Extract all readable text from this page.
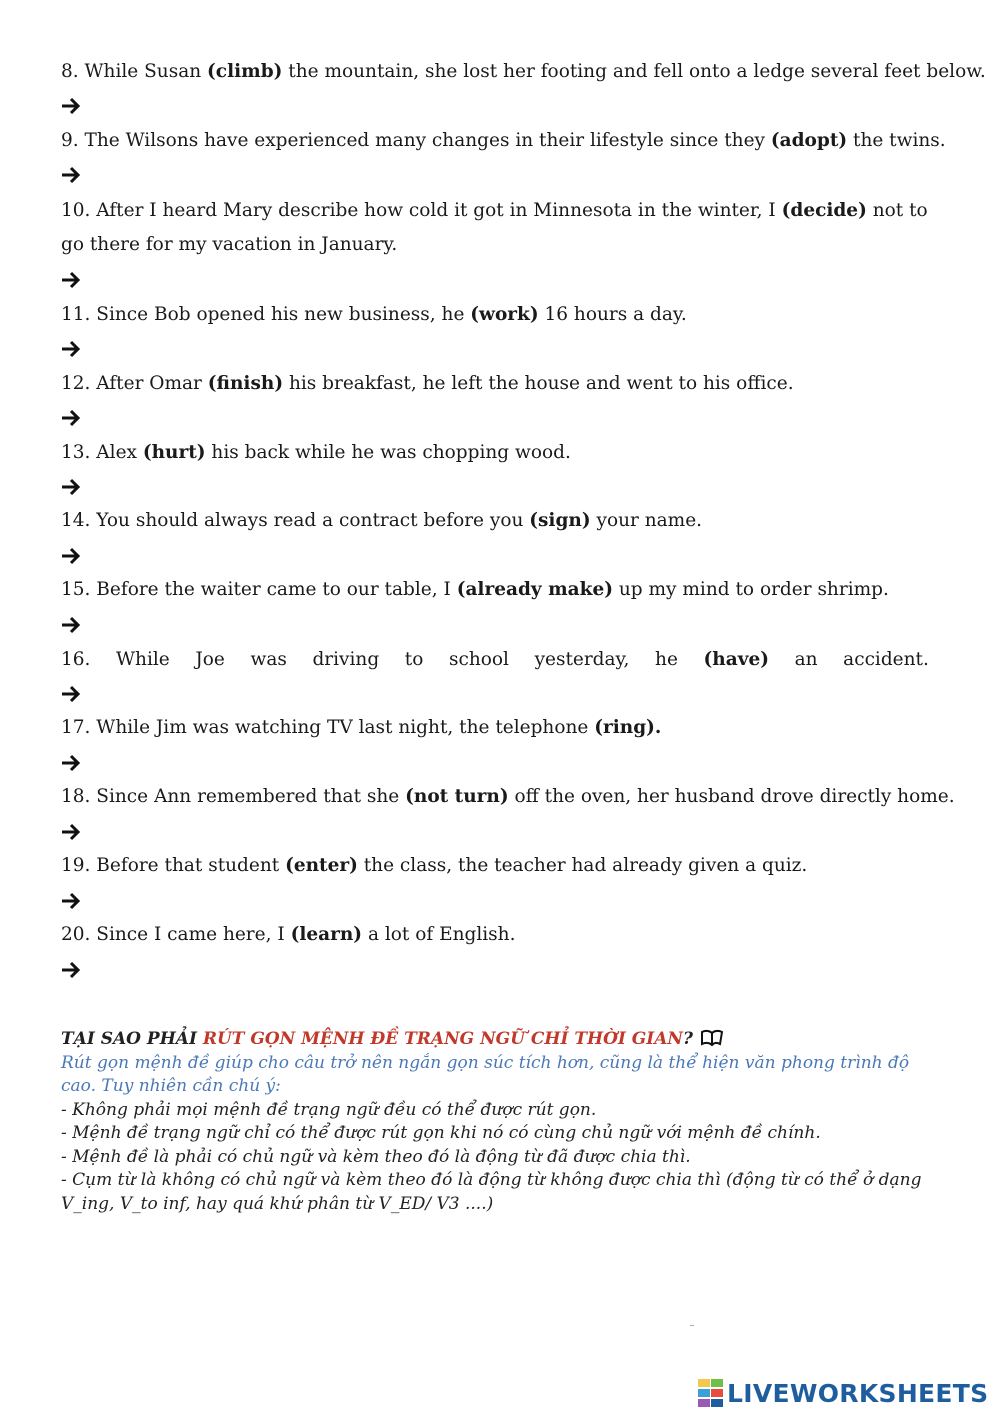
8. While Susan (climb) the mountain, she lost her footing and fell onto a ledge several feet below.
9. The Wilsons have experienced many changes in their lifestyle since they (adopt) the twins.
10. After I heard Mary describe how cold it got in Minnesota in the winter, I (decide) not to go there for my vacation in January.
11. Since Bob opened his new business, he (work) 16 hours a day.
12. After Omar (finish) his breakfast, he left the house and went to his office.
13. Alex (hurt) his back while he was chopping wood.
14. You should always read a contract before you (sign) your name.
15. Before the waiter came to our table, I (already make) up my mind to order shrimp.
16. While Joe was driving to school yesterday, he (have) an accident.
17. While Jim was watching TV last night, the telephone (ring).
18. Since Ann remembered that she (not turn) off the oven, her husband drove directly home.
19. Before that student (enter) the class, the teacher had already given a quiz.
20. Since I came here, I (learn) a lot of English.
TẠI SAO PHẢI RÚT GỌN MỆNH ĐỀ TRẠNG NGỮ CHỈ THỜI GIAN?
Rút gọn mệnh đề giúp cho câu trở nên ngắn gọn súc tích hơn, cũng là thể hiện văn phong trình độ cao. Tuy nhiên cần chú ý:
- Không phải mọi mệnh đề trạng ngữ đều có thể được rút gọn.
- Mệnh đề trạng ngữ chỉ có thể được rút gọn khi nó có cùng chủ ngữ với mệnh đề chính.
- Mệnh đề là phải có chủ ngữ và kèm theo đó là động từ đã được chia thì.
- Cụm từ là không có chủ ngữ và kèm theo đó là động từ không được chia thì (động từ có thể ở dạng V_ing, V_to inf, hay quá khứ phân từ V_ED/ V3 ....)
LIVEWORKSHEETS
